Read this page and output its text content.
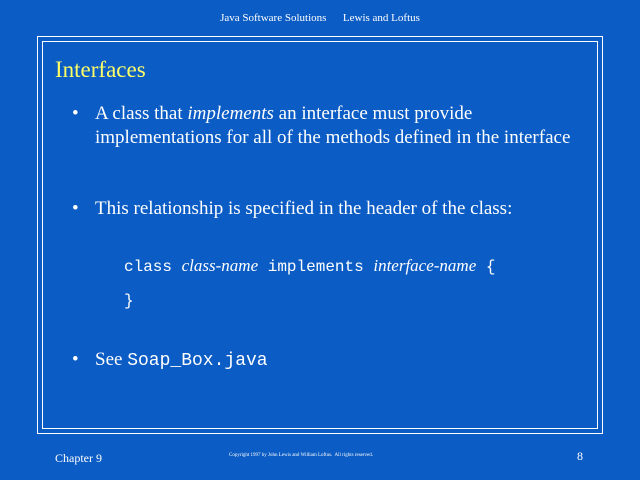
Java Software Solutions Lewis and Loftus
Interfaces
• A class that implements an interface must provide implementations for all of the methods defined in the interface
• This relationship is specified in the header of the class:
class class-name implements interface-name {
}
• See Soap_Box.java
Chapter 9	Copyright 1997 by John Lewis and William Loftus.  All rights reserved.	8
